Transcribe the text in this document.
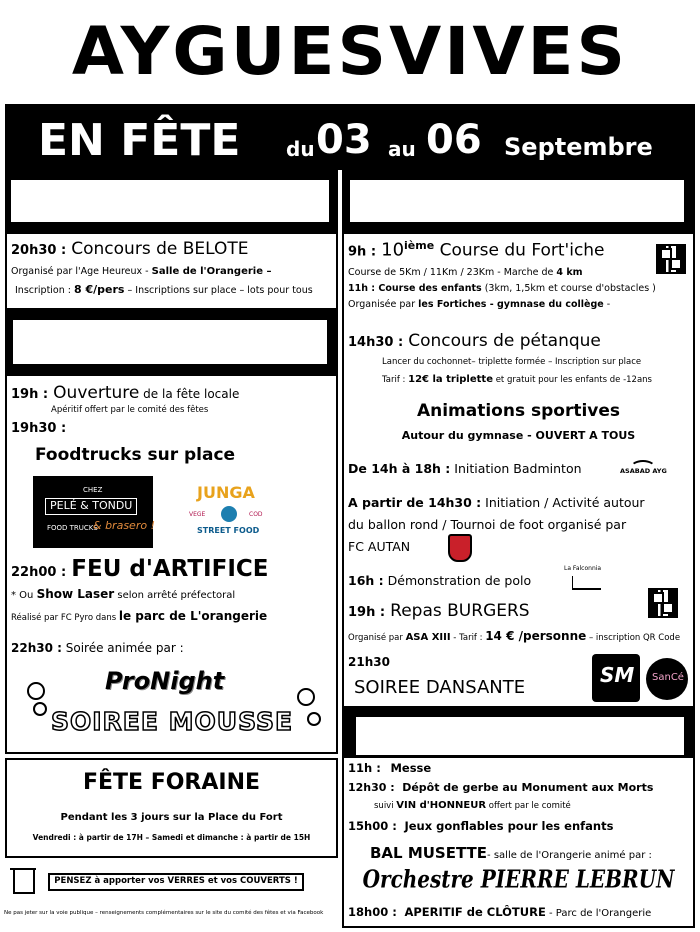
AYGUESVIVES
EN FÊTE du 03 au 06 Septembre
Jeudi 03
20h30 : Concours de BELOTE
Organisé par l'Age Heureux - Salle de l'Orangerie –
Inscription : 8 €/pers – Inscriptions sur place – lots pour tous
Vendredi 04
19h : Ouverture de la fête locale
Apéritif offert par le comité des fêtes
19h30 :
Foodtrucks sur place
CHEZ
PELÉ & TONDU
FOOD TRUCKS
& brasero !
JUNGA
VEGE	COD
STREET FOOD
22h00 : FEU d'ARTIFICE
* Ou Show Laser selon arrêté préfectoral
Réalisé par FC Pyro dans le parc de L'orangerie
22h30 : Soirée animée par :
ProNight
SOIREE MOUSSE
FÊTE FORAINE
Pendant les 3 jours sur la Place du Fort
Vendredi : à partir de 17H – Samedi et dimanche : à partir de 15H
PENSEZ à apporter vos VERRES et vos COUVERTS !
Ne pas jeter sur la voie publique – renseignements complémentaires sur le site du comité des fêtes et via Facebook
Samedi 05
9h : 10ième Course du Fort'iche
Course de 5Km / 11Km / 23Km - Marche de 4 km
11h : Course des enfants (3km, 1,5km et course d'obstacles )
Organisée par les Fortiches - gymnase du collège -
14h30 : Concours de pétanque
Lancer du cochonnet– triplette formée – Inscription sur place
Tarif : 12€ la triplette et gratuit pour les enfants de -12ans
Animations sportives
Autour du gymnase - OUVERT A TOUS
De 14h à 18h : Initiation Badminton	ASABAD AYG
A partir de 14h30 : Initiation / Activité autour
du ballon rond / Tournoi de foot organisé par
FC AUTAN
16h : Démonstration de polo
La Falconnia
19h : Repas BURGERS
Organisé par ASA XIII - Tarif : 14 € /personne – inscription QR Code
21h30
SOIREE DANSANTE
SM SanCé
Dimanche 06
11h : Messe
12h30 : Dépôt de gerbe au Monument aux Morts
suivi VIN d'HONNEUR offert par le comité
15h00 : Jeux gonflables pour les enfants
BAL MUSETTE- salle de l'Orangerie animé par :
Orchestre PIERRE LEBRUN
18h00 : APERITIF de CLÔTURE - Parc de l'Orangerie
